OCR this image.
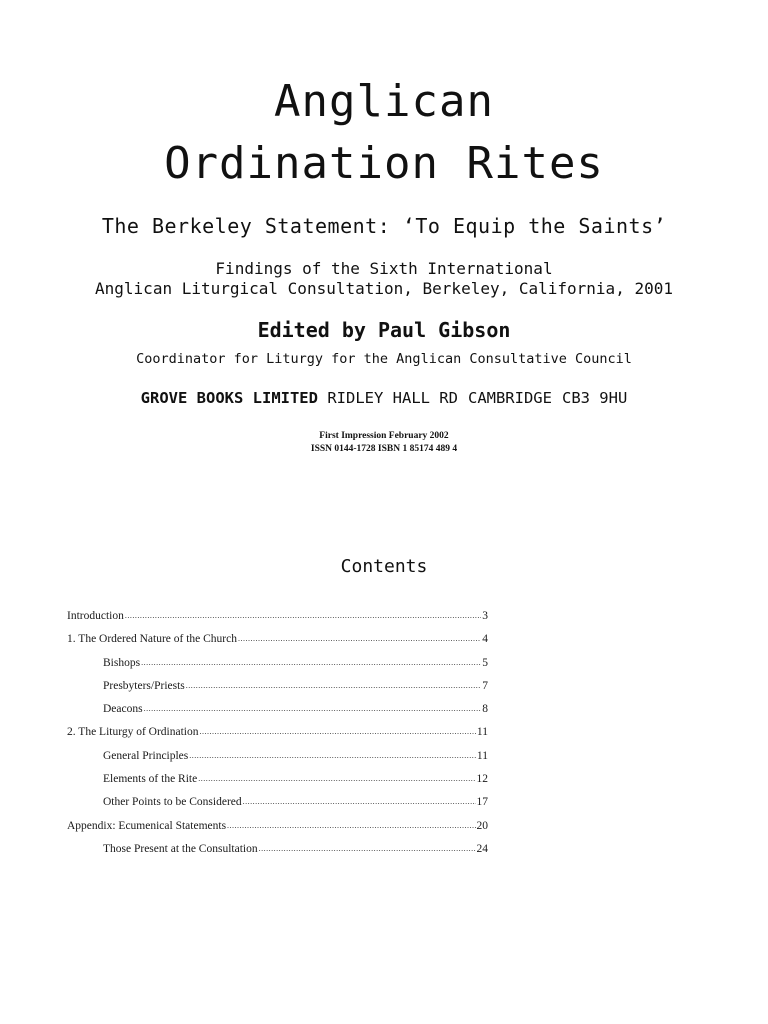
Anglican
Ordination Rites
The Berkeley Statement: ‘To Equip the Saints’
Findings of the Sixth International
Anglican Liturgical Consultation, Berkeley, California, 2001
Edited by Paul Gibson
Coordinator for Liturgy for the Anglican Consultative Council
GROVE BOOKS LIMITED RIDLEY HALL RD CAMBRIDGE CB3 9HU
First Impression February 2002
ISSN 0144-1728 ISBN 1 85174 489 4
Contents
Introduction .....	3
1. The Ordered Nature of the Church .....	4
Bishops .....	5
Presbyters/Priests .....	7
Deacons .....	8
2. The Liturgy of Ordination .....	11
General Principles .....	11
Elements of the Rite .....	12
Other Points to be Considered .....	17
Appendix: Ecumenical Statements .....	20
Those Present at the Consultation .....	24
